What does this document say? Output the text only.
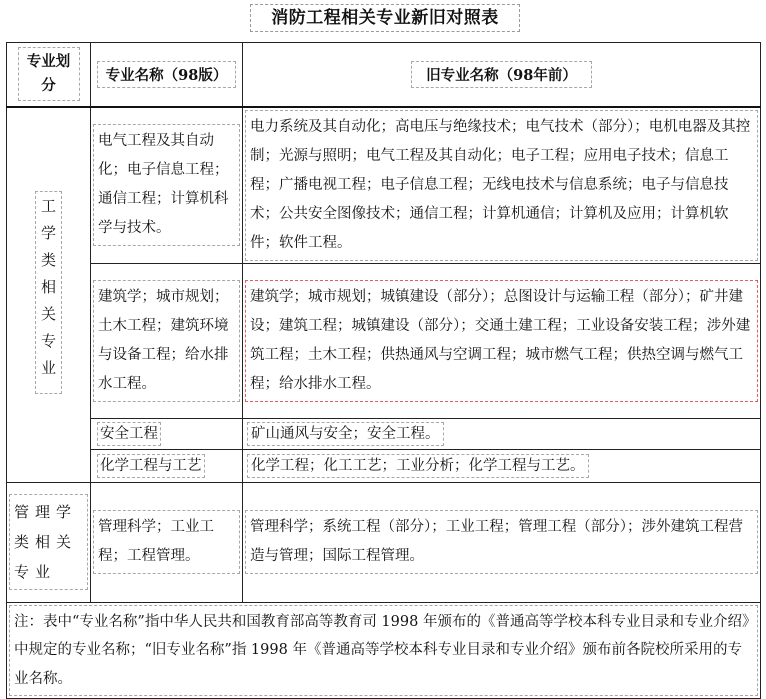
消防工程相关专业新旧对照表
专业划分	专业名称（98版）	旧专业名称（98年前）
工学类相关专业	电气工程及其自动化；电子信息工程；通信工程；计算机科学与技术。	电力系统及其自动化；高电压与绝缘技术；电气技术（部分）；电机电器及其控制；光源与照明；电气工程及其自动化；电子工程；应用电子技术；信息工程；广播电视工程；电子信息工程；无线电技术与信息系统；电子与信息技术；公共安全图像技术；通信工程；计算机通信；计算机及应用；计算机软件；软件工程。

	建筑学；城市规划；土木工程；建筑环境与设备工程；给水排水工程。	建筑学；城市规划；城镇建设（部分）；总图设计与运输工程（部分）；矿井建设；建筑工程；城镇建设（部分）；交通土建工程；工业设备安装工程；涉外建筑工程；土木工程；供热通风与空调工程；城市燃气工程；供热空调与燃气工程；给水排水工程。

	安全工程	矿山通风与安全；安全工程。
	化学工程与工艺	化学工程；化工工艺；工业分析；化学工程与工艺。

管理学类相关专业	管理科学；工业工程；工程管理。	管理科学；系统工程（部分）；工业工程；管理工程（部分）；涉外建筑工程营造与管理；国际工程管理。

注：表中“专业名称”指中华人民共和国教育部高等教育司 1998 年颁布的《普通高等学校本科专业目录和专业介绍》中规定的专业名称；“旧专业名称”指 1998 年《普通高等学校本科专业目录和专业介绍》颁布前各院校所采用的专业名称。		
